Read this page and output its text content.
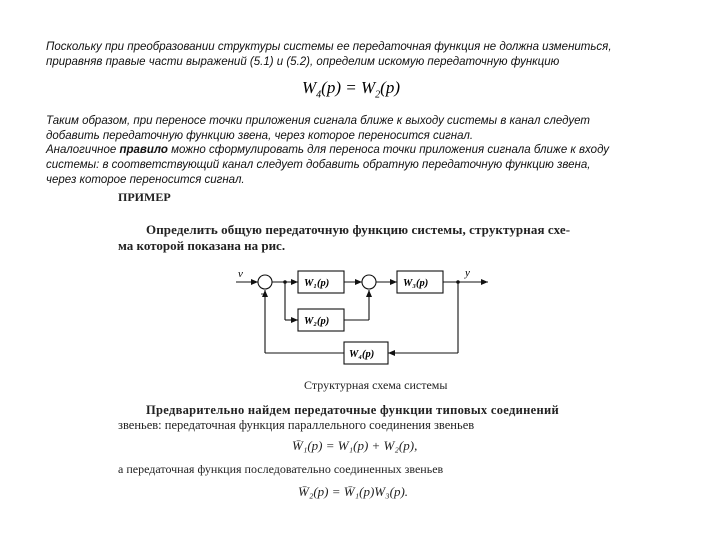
Поскольку при преобразовании структуры системы ее передаточная функция не должна измениться,
приравняв правые части выражений (5.1) и (5.2), определим искомую передаточную функцию
$W_4(p) = W_2(p)$
Таким образом, при переносе точки приложения сигнала ближе к выходу системы в канал следует
добавить передаточную функцию звена, через которое переносится сигнал.
Аналогичное правило можно сформулировать для переноса точки приложения сигнала ближе к входу
системы: в соответствующий канал следует добавить обратную передаточную функцию звена,
через которое переносится сигнал.
ПРИМЕР
Определить общую передаточную функцию системы, структурная схе-
ма которой показана на рис.
v	y
W₁(p)	W₃(p)
W₂(p)
W₄(p)
Структурная схема системы
Предварительно найдем передаточные функции типовых соединений
звеньев: передаточная функция параллельного соединения звеньев
W̄₁(p) = W₁(p) + W₂(p),
а передаточная функция последовательно соединенных звеньев
W̄₂(p) = W̄₁(p)W₃(p).
